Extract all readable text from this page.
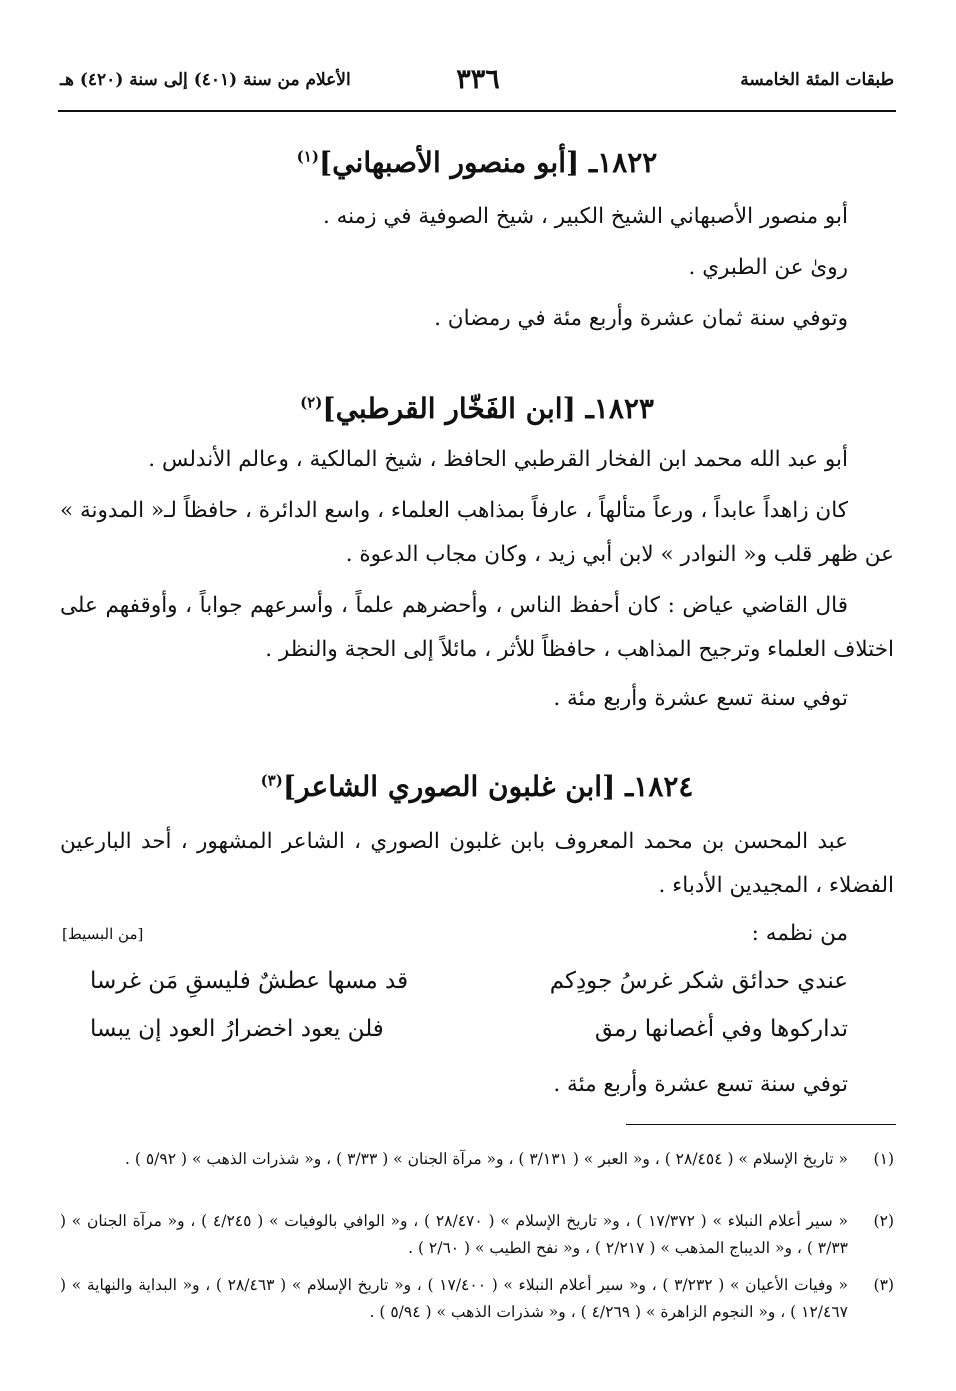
طبقات المئة الخامسة
٣٣٦
الأعلام من سنة (٤٠١) إلى سنة (٤٢٠) هـ
١٨٢٢ـ [أبو منصور الأصبهاني]$^{(١)}$
أبو منصور الأصبهاني الشيخ الكبير ، شيخ الصوفية في زمنه .
روىٰ عن الطبري .
وتوفي سنة ثمان عشرة وأربع مئة في رمضان .
١٨٢٣ـ [ابن الفَخّار القرطبي]$^{(٢)}$
أبو عبد الله محمد ابن الفخار القرطبي الحافظ ، شيخ المالكية ، وعالم الأندلس .
كان زاهداً عابداً ، ورعاً متألهاً ، عارفاً بمذاهب العلماء ، واسع الدائرة ، حافظاً لـ« المدونة » عن ظهر قلب و« النوادر » لابن أبي زيد ، وكان مجاب الدعوة .
قال القاضي عياض : كان أحفظ الناس ، وأحضرهم علماً ، وأسرعهم جواباً ، وأوقفهم على اختلاف العلماء وترجيح المذاهب ، حافظاً للأثر ، مائلاً إلى الحجة والنظر .
توفي سنة تسع عشرة وأربع مئة .
١٨٢٤ـ [ابن غلبون الصوري الشاعر]$^{(٣)}$
عبد المحسن بن محمد المعروف بابن غلبون الصوري ، الشاعر المشهور ، أحد البارعين الفضلاء ، المجيدين الأدباء .
من نظمه :
[من البسيط]
عندي حدائق شكر غرسُ جودِكم
قد مسها عطشٌ فليسقِ مَن غرسا
تداركوها وفي أغصانها رمق
فلن يعود اخضرارُ العود إن يبسا
توفي سنة تسع عشرة وأربع مئة .
(١)
« تاريخ الإسلام » ( ٢٨/٤٥٤ ) ، و« العبر » ( ٣/١٣١ ) ، و« مرآة الجنان » ( ٣/٣٣ ) ، و« شذرات الذهب » ( ٥/٩٢ ) .
(٢)
« سير أعلام النبلاء » ( ١٧/٣٧٢ ) ، و« تاريخ الإسلام » ( ٢٨/٤٧٠ ) ، و« الوافي بالوفيات » ( ٤/٢٤٥ ) ، و« مرآة الجنان » ( ٣/٣٣ ) ، و« الديباج المذهب » ( ٢/٢١٧ ) ، و« نفح الطيب » ( ٢/٦٠ ) .
(٣)
« وفيات الأعيان » ( ٣/٢٣٢ ) ، و« سير أعلام النبلاء » ( ١٧/٤٠٠ ) ، و« تاريخ الإسلام » ( ٢٨/٤٦٣ ) ، و« البداية والنهاية » ( ١٢/٤٦٧ ) ، و« النجوم الزاهرة » ( ٤/٢٦٩ ) ، و« شذرات الذهب » ( ٥/٩٤ ) .
